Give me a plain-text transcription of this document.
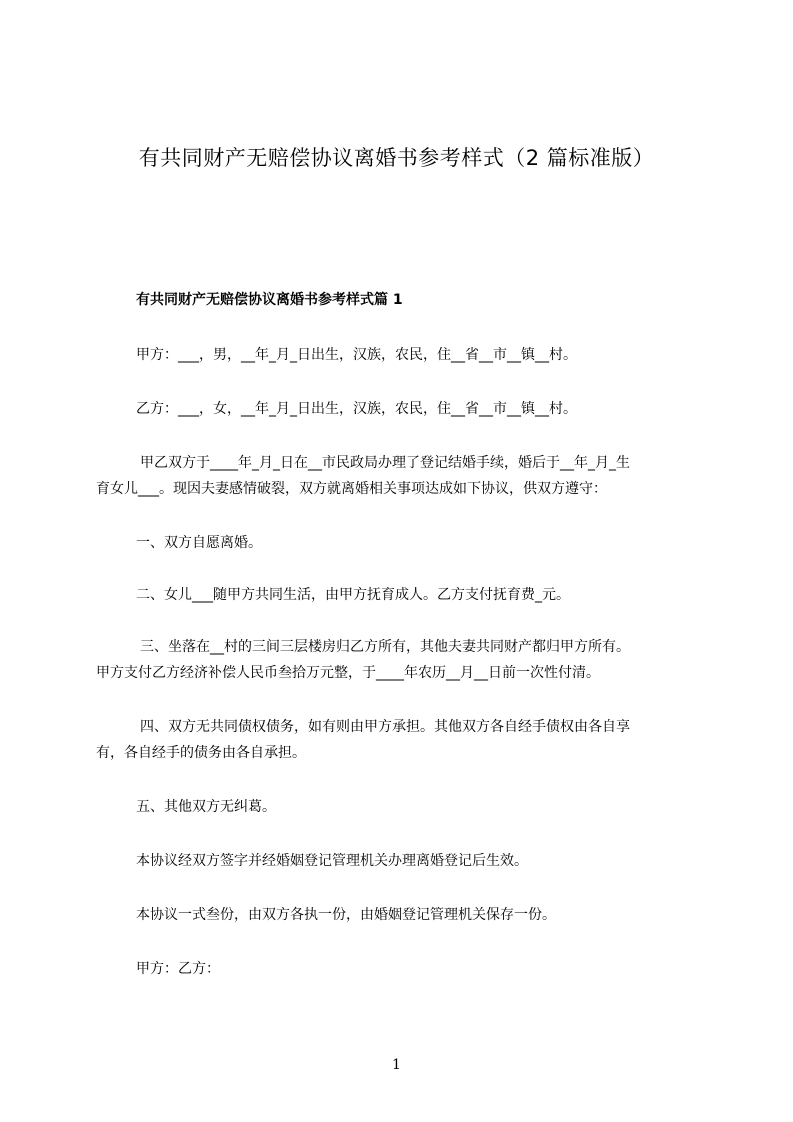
有共同财产无赔偿协议离婚书参考样式（2 篇标准版）
有共同财产无赔偿协议离婚书参考样式篇 1
甲方：___，男，__年_月_日出生，汉族，农民，住__省__市__镇__村。
乙方：___，女，__年_月_日出生，汉族，农民，住__省__市__镇__村。
甲乙双方于____年_月_日在__市民政局办理了登记结婚手续，婚后于__年_月_生
育女儿___。现因夫妻感情破裂，双方就离婚相关事项达成如下协议，供双方遵守：
一、双方自愿离婚。
二、女儿___随甲方共同生活，由甲方抚育成人。乙方支付抚育费_元。
三、坐落在__村的三间三层楼房归乙方所有，其他夫妻共同财产都归甲方所有。
甲方支付乙方经济补偿人民币叁拾万元整，于____年农历__月__日前一次性付清。
四、双方无共同债权债务，如有则由甲方承担。其他双方各自经手债权由各自享
有，各自经手的债务由各自承担。
五、其他双方无纠葛。
本协议经双方签字并经婚姻登记管理机关办理离婚登记后生效。
本协议一式叁份，由双方各执一份，由婚姻登记管理机关保存一份。
甲方：乙方：
1
